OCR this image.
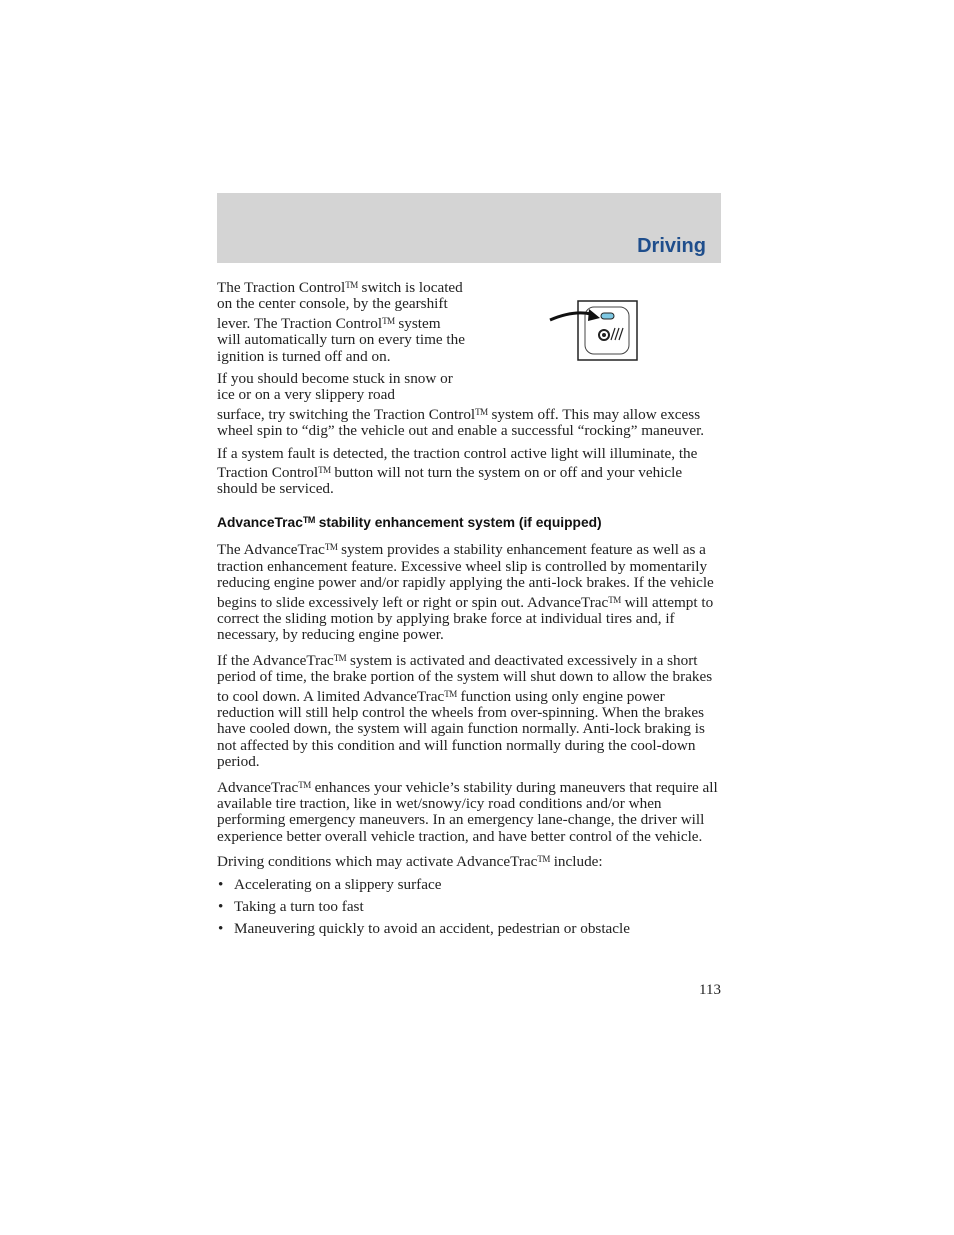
Driving

The Traction Control™ switch is located on the center console, by the gearshift lever. The Traction Control™ system will automatically turn on every time the ignition is turned off and on.

If you should become stuck in snow or ice or on a very slippery road
surface, try switching the Traction Control™ system off. This may allow excess wheel spin to “dig” the vehicle out and enable a successful “rocking” maneuver.

If a system fault is detected, the traction control active light will illuminate, the Traction Control™ button will not turn the system on or off and your vehicle should be serviced.

AdvanceTrac™ stability enhancement system (if equipped)

The AdvanceTrac™ system provides a stability enhancement feature as well as a traction enhancement feature. Excessive wheel slip is controlled by momentarily reducing engine power and/or rapidly applying the anti-lock brakes. If the vehicle begins to slide excessively left or right or spin out. AdvanceTrac™ will attempt to correct the sliding motion by applying brake force at individual tires and, if necessary, by reducing engine power.

If the AdvanceTrac™ system is activated and deactivated excessively in a short period of time, the brake portion of the system will shut down to allow the brakes to cool down. A limited AdvanceTrac™ function using only engine power reduction will still help control the wheels from over-spinning. When the brakes have cooled down, the system will again function normally. Anti-lock braking is not affected by this condition and will function normally during the cool-down period.

AdvanceTrac™ enhances your vehicle’s stability during maneuvers that require all available tire traction, like in wet/snowy/icy road conditions and/or when performing emergency maneuvers. In an emergency lane-change, the driver will experience better overall vehicle traction, and have better control of the vehicle.

Driving conditions which may activate AdvanceTrac™ include:

• Accelerating on a slippery surface
• Taking a turn too fast
• Maneuvering quickly to avoid an accident, pedestrian or obstacle
113
